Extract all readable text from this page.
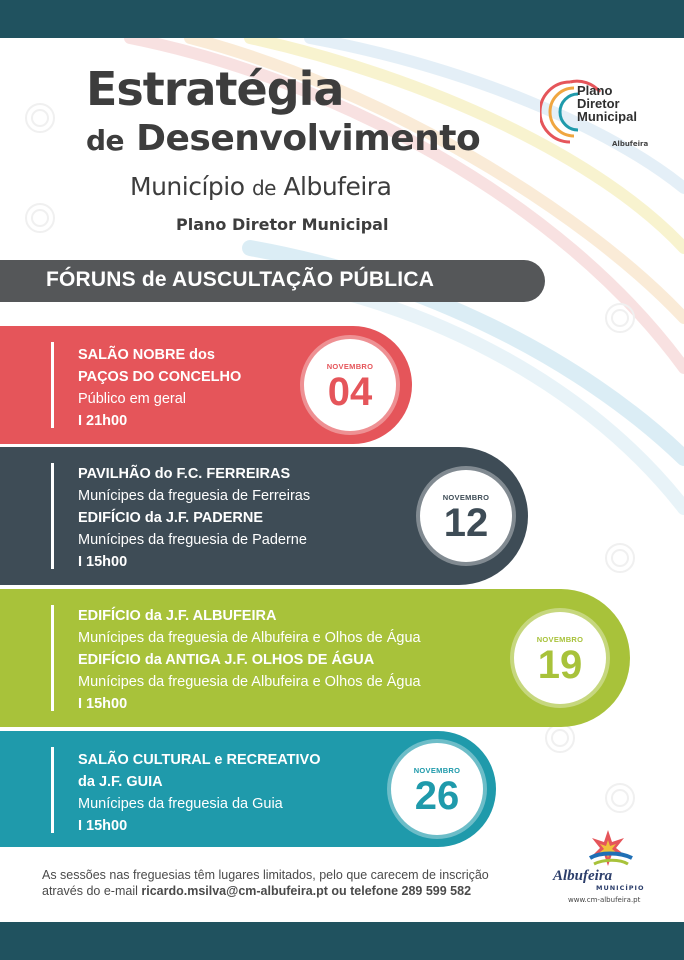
Estratégia
de Desenvolvimento
Município de Albufeira
Plano Diretor Municipal
Plano
Diretor
Municipal
Albufeira
FÓRUNS de AUSCULTAÇÃO PÚBLICA
SALÃO NOBRE dos
PAÇOS DO CONCELHO
Público em geral
I 21h00
NOVEMBRO
04
PAVILHÃO do F.C. FERREIRAS
Munícipes da freguesia de Ferreiras
EDIFÍCIO da J.F. PADERNE
Munícipes da freguesia de Paderne
I 15h00
NOVEMBRO
12
EDIFÍCIO da J.F. ALBUFEIRA
Munícipes da freguesia de Albufeira e Olhos de Água
EDIFÍCIO da ANTIGA J.F. OLHOS DE ÁGUA
Munícipes da freguesia de Albufeira e Olhos de Água
I 15h00
NOVEMBRO
19
SALÃO CULTURAL e RECREATIVO
da J.F. GUIA
Munícipes da freguesia da Guia
I 15h00
NOVEMBRO
26
As sessões nas freguesias têm lugares limitados, pelo que carecem de inscrição
através do e-mail ricardo.msilva@cm-albufeira.pt ou telefone 289 599 582
Albufeira
MUNICÍPIO
www.cm-albufeira.pt
